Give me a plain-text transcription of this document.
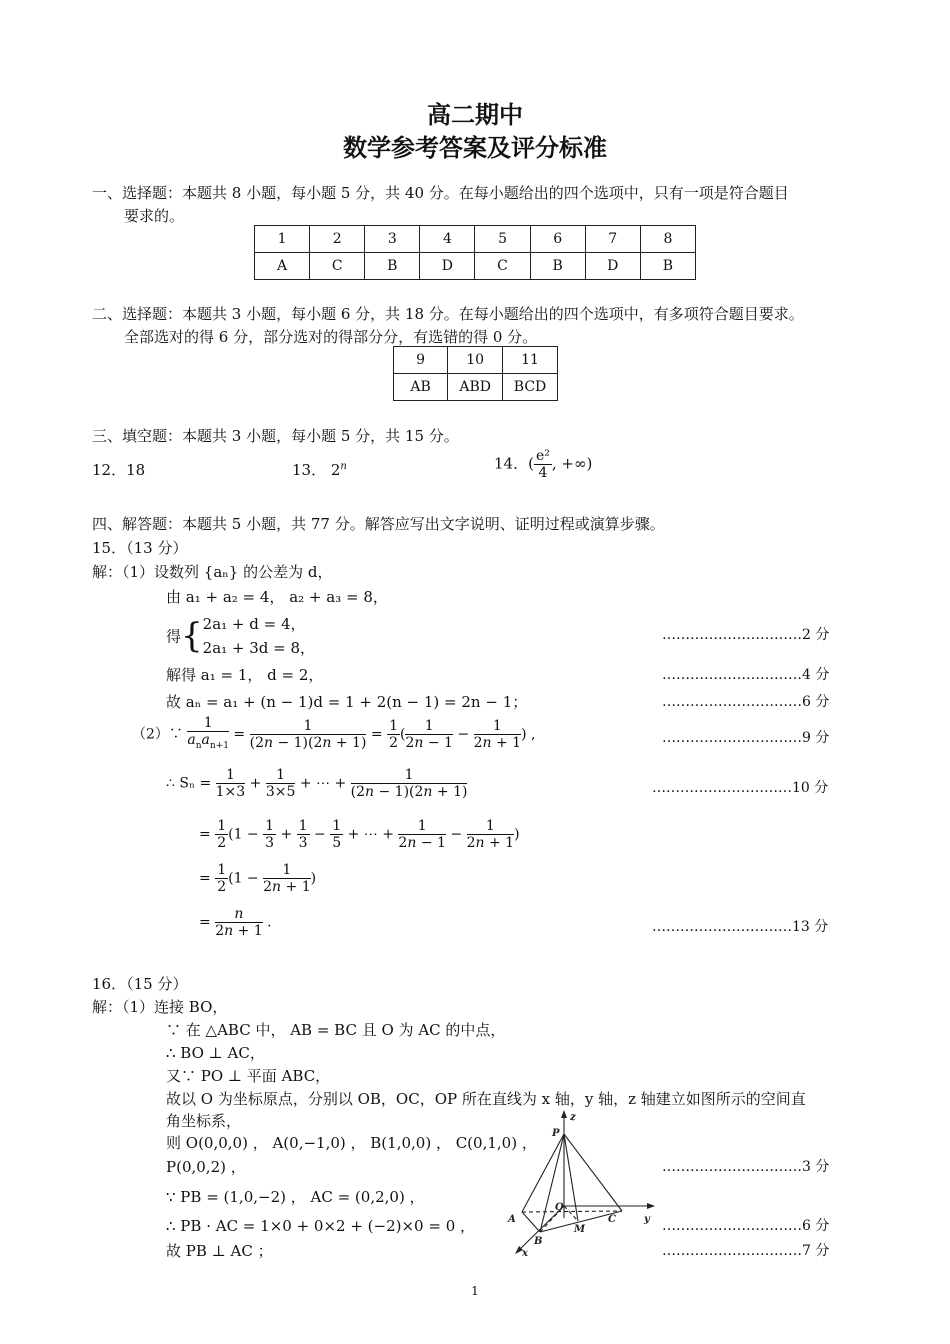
高二期中
数学参考答案及评分标准
一、选择题：本题共 8 小题，每小题 5 分，共 40 分。在每小题给出的四个选项中，只有一项是符合题目
要求的。
1	2	3	4	5	6	7	8
A	C	B	D	C	B	D	B
二、选择题：本题共 3 小题，每小题 6 分，共 18 分。在每小题给出的四个选项中，有多项符合题目要求。
全部选对的得 6 分，部分选对的得部分分，有选错的得 0 分。
9	10	11
AB	ABD	BCD
三、填空题：本题共 3 小题，每小题 5 分，共 15 分。
12．18	13． 2$^n$	14．( $\frac{\text{e²}}{4}$ , +∞)
四、解答题：本题共 5 小题，共 77 分。解答应写出文字说明、证明过程或演算步骤。
15．（13 分）
解：（1）设数列 {aₙ} 的公差为 d，
由 a₁ + a₂ = 4， a₂ + a₃ = 8，
得{ 2a₁ + d = 4，
2a₁ + 3d = 8，
解得 a₁ = 1， d = 2，
故 aₙ = a₁ + (n − 1)d = 1 + 2(n − 1) = 2n − 1；
…………………………2 分
…………………………4 分
…………………………6 分
…………………………9 分
…………………………10 分
…………………………13 分
（2）∵ $\frac{1}{a_na_{n+1}} = \frac{1}{(2n - 1)(2n + 1)} = \frac{1}{2}$ ( $\frac{1}{2n - 1} - \frac{1}{2n + 1}$ ) ,
∴ $S_n = \frac{1}{1\times 3} + \frac{1}{3\times 5}$ + ⋯ + $\frac{1}{(2n - 1)(2n + 1)}$
= $\frac{1}{2} (1 - \frac{1}{3} + \frac{1}{3} - \frac{1}{5}$ + ⋯ + $\frac{1}{2n - 1} - \frac{1}{2n + 1}$ )
= $\frac{1}{2} (1 - \frac{1}{2n + 1}$ )
= $\frac{n}{2n + 1}$ .
16．（15 分）
解：（1）连接 BO，
∵ 在 △ABC 中， AB = BC 且 O 为 AC 的中点，
∴ BO ⊥ AC，
又∵ PO ⊥ 平面 ABC，
故以 O 为坐标原点，分别以 OB，OC，OP 所在直线为 x 轴，y 轴，z 轴建立如图所示的空间直
角坐标系，
则 O(0,0,0) ， A(0,−1,0) ， B(1,0,0) ， C(0,1,0) ，
P(0,0,2) ，
∵ PB = (1,0,−2) ， AC = (0,2,0) ，
∴ PB · AC = 1×0 + 0×2 + (−2)×0 = 0 ，
故 PB ⊥ AC ；
…………………………3 分
…………………………6 分
…………………………7 分
z
P
A
O
C	y
M
B
x
1
